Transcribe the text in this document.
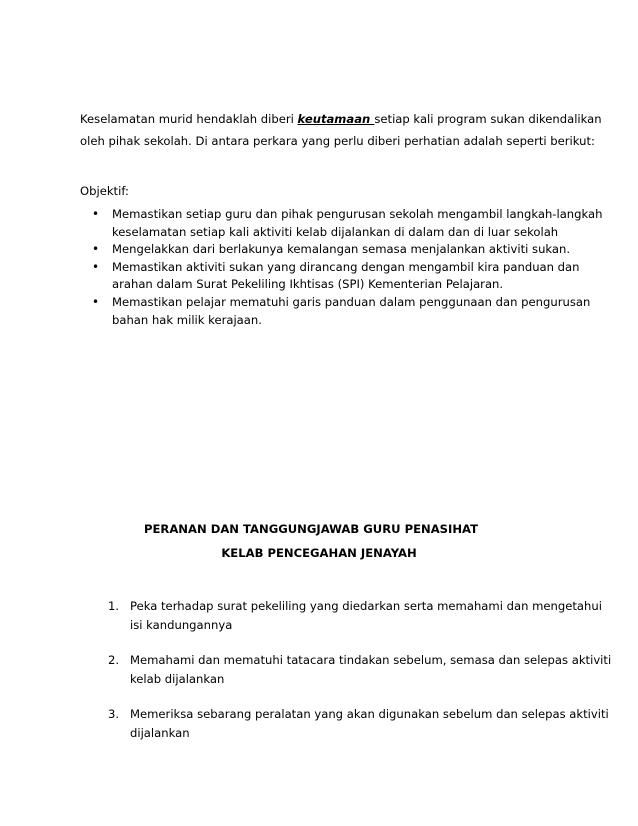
Keselamatan murid hendaklah diberi keutamaan setiap kali program sukan dikendalikan
oleh pihak sekolah. Di antara perkara yang perlu diberi perhatian adalah seperti berikut:
Objektif:
• Memastikan setiap guru dan pihak pengurusan sekolah mengambil langkah-langkah
keselamatan setiap kali aktiviti kelab dijalankan di dalam dan di luar sekolah
• Mengelakkan dari berlakunya kemalangan semasa menjalankan aktiviti sukan.
• Memastikan aktiviti sukan yang dirancang dengan mengambil kira panduan dan
arahan dalam Surat Pekeliling Ikhtisas (SPI) Kementerian Pelajaran.
• Memastikan pelajar mematuhi garis panduan dalam penggunaan dan pengurusan
bahan hak milik kerajaan.
PERANAN DAN TANGGUNGJAWAB GURU PENASIHAT
KELAB PENCEGAHAN JENAYAH
1. Peka terhadap surat pekeliling yang diedarkan serta memahami dan mengetahui
isi kandungannya
2. Memahami dan mematuhi tatacara tindakan sebelum, semasa dan selepas aktiviti
kelab dijalankan
3. Memeriksa sebarang peralatan yang akan digunakan sebelum dan selepas aktiviti
dijalankan
